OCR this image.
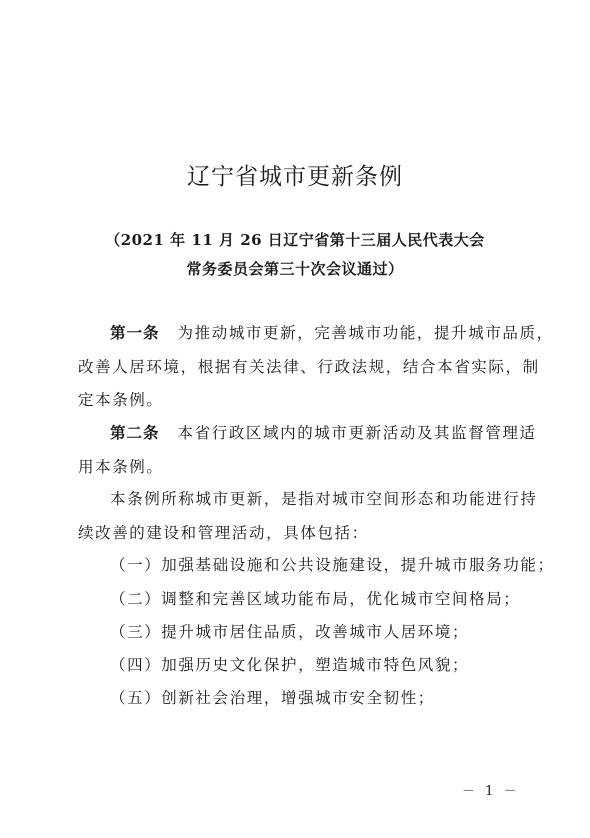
辽宁省城市更新条例
（2021 年 11 月 26 日辽宁省第十三届人民代表大会
常务委员会第三十次会议通过）
第一条 为推动城市更新，完善城市功能，提升城市品质，
改善人居环境，根据有关法律、行政法规，结合本省实际，制
定本条例。
第二条 本省行政区域内的城市更新活动及其监督管理适
用本条例。
本条例所称城市更新，是指对城市空间形态和功能进行持
续改善的建设和管理活动，具体包括：
（一）加强基础设施和公共设施建设，提升城市服务功能；
（二）调整和完善区域功能布局，优化城市空间格局；
（三）提升城市居住品质，改善城市人居环境；
（四）加强历史文化保护，塑造城市特色风貌；
（五）创新社会治理，增强城市安全韧性；
－ 1 －
